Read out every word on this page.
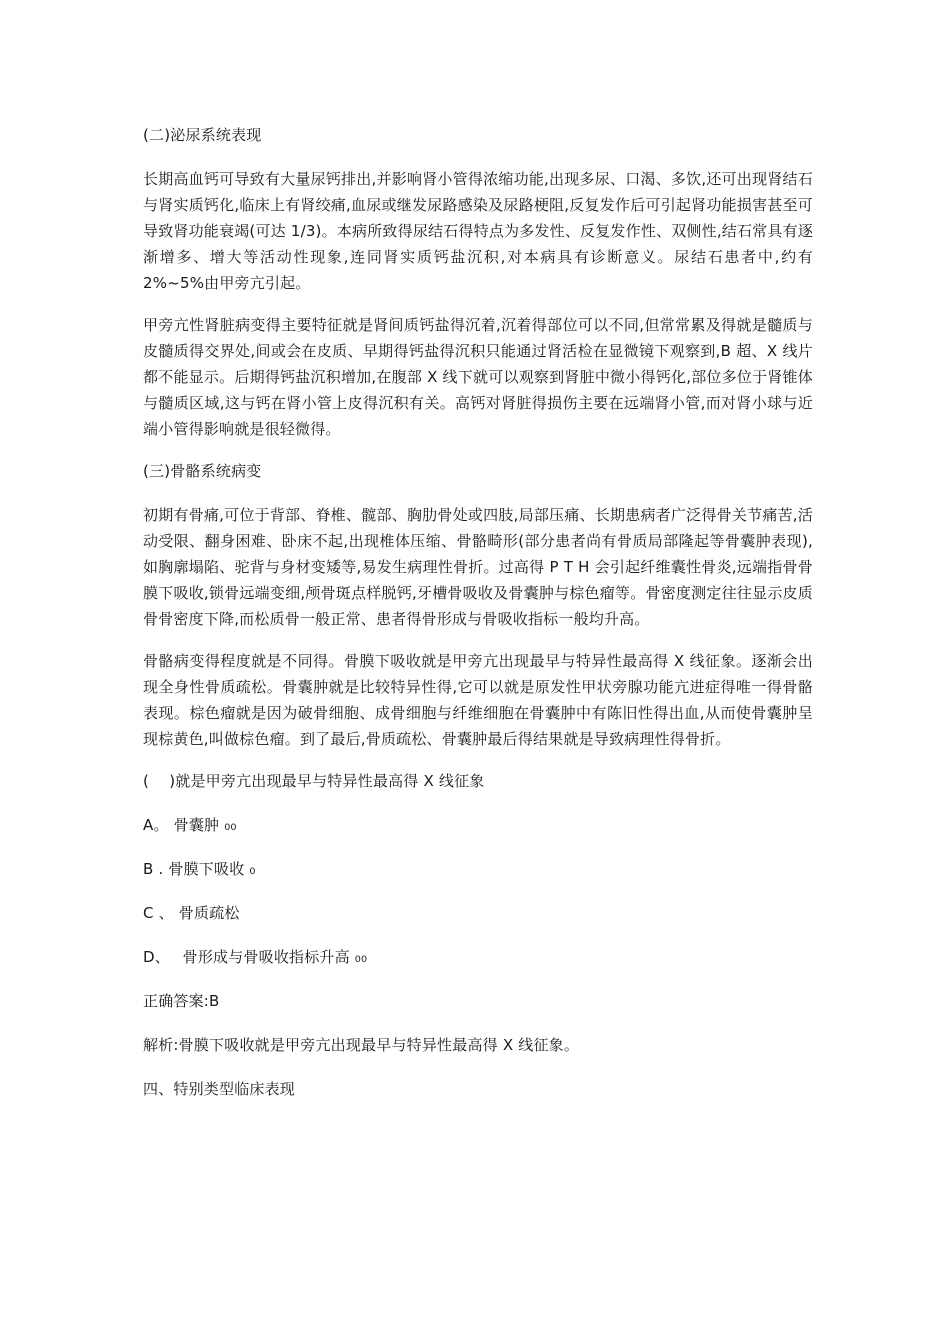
(二)泌尿系统表现

长期高血钙可导致有大量尿钙排出,并影响肾小管得浓缩功能,出现多尿、口渴、多饮,还可出现肾结石与肾实质钙化,临床上有肾绞痛,血尿或继发尿路感染及尿路梗阻,反复发作后可引起肾功能损害甚至可导致肾功能衰竭(可达 1/3)。本病所致得尿结石得特点为多发性、反复发作性、双侧性,结石常具有逐渐增多、增大等活动性现象,连同肾实质钙盐沉积,对本病具有诊断意义。尿结石患者中,约有 2%~5%由甲旁亢引起。

甲旁亢性肾脏病变得主要特征就是肾间质钙盐得沉着,沉着得部位可以不同,但常常累及得就是髓质与皮髓质得交界处,间或会在皮质、早期得钙盐得沉积只能通过肾活检在显微镜下观察到,B 超、X 线片都不能显示。后期得钙盐沉积增加,在腹部 X 线下就可以观察到肾脏中微小得钙化,部位多位于肾锥体与髓质区域,这与钙在肾小管上皮得沉积有关。高钙对肾脏得损伤主要在远端肾小管,而对肾小球与近端小管得影响就是很轻微得。

(三)骨骼系统病变

初期有骨痛,可位于背部、脊椎、髋部、胸肋骨处或四肢,局部压痛、长期患病者广泛得骨关节痛苦,活动受限、翻身困难、卧床不起,出现椎体压缩、骨骼畸形(部分患者尚有骨质局部隆起等骨囊肿表现),如胸廓塌陷、驼背与身材变矮等,易发生病理性骨折。过高得 P T H 会引起纤维囊性骨炎,远端指骨骨膜下吸收,锁骨远端变细,颅骨斑点样脱钙,牙槽骨吸收及骨囊肿与棕色瘤等。骨密度测定往往显示皮质骨骨密度下降,而松质骨一般正常、患者得骨形成与骨吸收指标一般均升高。

骨骼病变得程度就是不同得。骨膜下吸收就是甲旁亢出现最早与特异性最高得 X 线征象。逐渐会出现全身性骨质疏松。骨囊肿就是比较特异性得,它可以就是原发性甲状旁腺功能亢进症得唯一得骨骼表现。棕色瘤就是因为破骨细胞、成骨细胞与纤维细胞在骨囊肿中有陈旧性得出血,从而使骨囊肿呈现棕黄色,叫做棕色瘤。到了最后,骨质疏松、骨囊肿最后得结果就是导致病理性得骨折。

(　 )就是甲旁亢出现最早与特异性最高得 X 线征象

A。 骨囊肿 ₀₀

B . 骨膜下吸收 ₀

C 、 骨质疏松

D、　 骨形成与骨吸收指标升高 ₀₀

正确答案:B

解析:骨膜下吸收就是甲旁亢出现最早与特异性最高得 X 线征象。

四、特别类型临床表现
